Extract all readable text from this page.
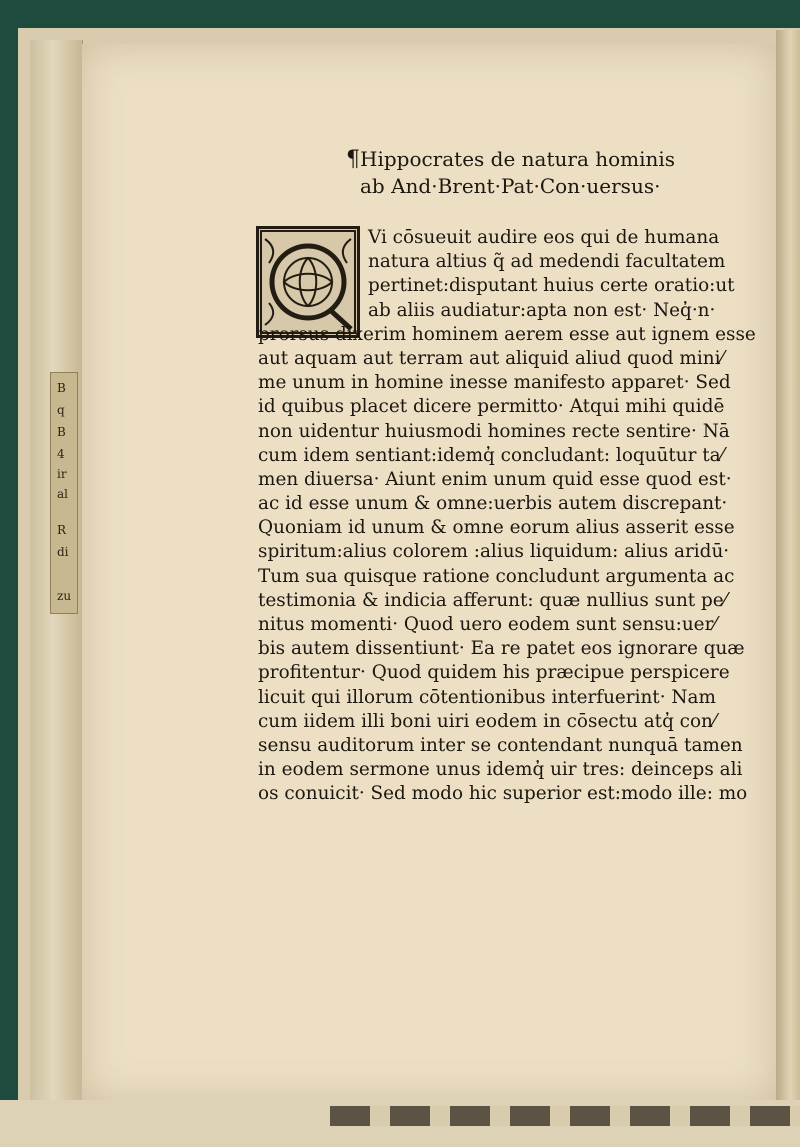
B
q
B
4
ir
al
R
di
zu
¶Hippocrates de natura hominis
ab And·Brent·Pat·Con·uersus·
Vi cōsueuit audire eos qui de humana
natura altius q̃ ad medendi facultatem
pertinet:disputant huius certe oratio:ut
ab aliis audiatur:apta non est· Neq̓·n·
prorsus dixerim hominem aerem esse aut ignem esse
aut aquam aut terram aut aliquid aliud quod mini⁄
me unum in homine inesse manifesto apparet· Sed
id quibus placet dicere permitto· Atqui mihi quidē
non uidentur huiusmodi homines recte sentire· Nā
cum idem sentiant:idemq̓ concludant: loquūtur ta⁄
men diuersa· Aiunt enim unum quid esse quod est·
ac id esse unum & omne:uerbis autem discrepant·
Quoniam id unum & omne eorum alius asserit esse
spiritum:alius colorem :alius liquidum: alius aridū·
Tum sua quisque ratione concludunt argumenta ac
testimonia & indicia afferunt: quæ nullius sunt pe⁄
nitus momenti· Quod uero eodem sunt sensu:uer⁄
bis autem dissentiunt· Ea re patet eos ignorare quæ
profitentur· Quod quidem his præcipue perspicere
licuit qui illorum cōtentionibus interfuerint· Nam
cum iidem illi boni uiri eodem in cōsectu atq̓ con⁄
sensu auditorum inter se contendant nunquā tamen
in eodem sermone unus idemq̓ uir tres: deinceps ali
os conuicit· Sed modo hic superior est:modo ille: mo
